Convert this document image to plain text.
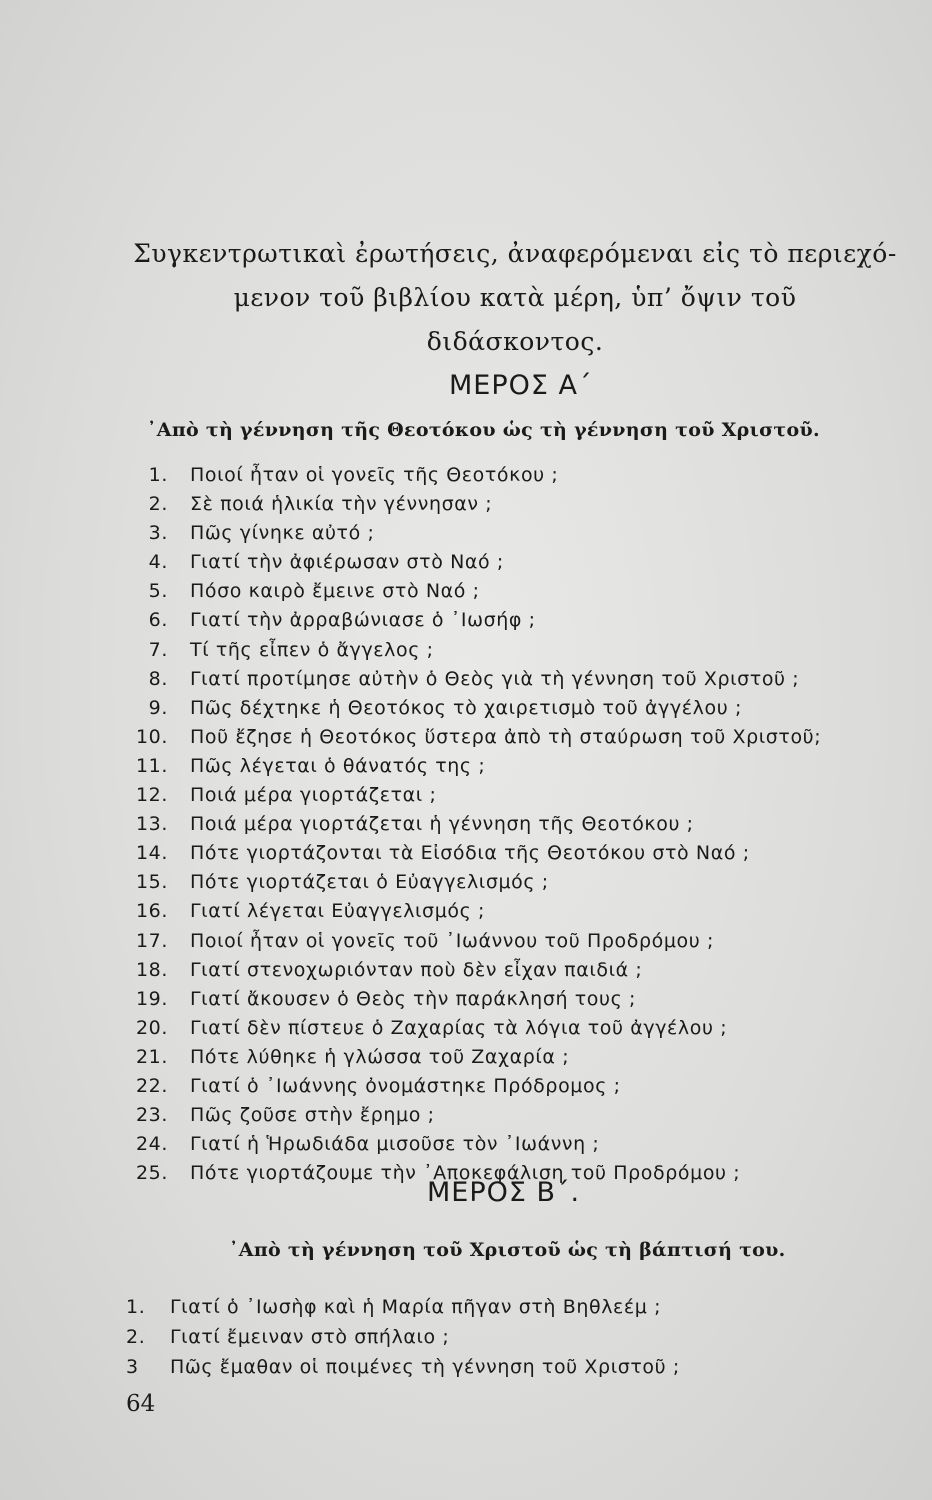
Συγκεντρωτικαὶ ἐρωτήσεις, ἀναφερόμεναι εἰς τὸ περιεχό-
μενον τοῦ βιβλίου κατὰ μέρη, ὑπ’ ὄψιν τοῦ
διδάσκοντος.
ΜΕΡΟΣ Α΄
᾿Απὸ τὴ γέννηση τῆς Θεοτόκου ὡς τὴ γέννηση τοῦ Χριστοῦ.
1. Ποιοί ἦταν οἱ γονεῖς τῆς Θεοτόκου ;
2. Σὲ ποιά ἡλικία τὴν γέννησαν ;
3. Πῶς γίνηκε αὐτό ;
4. Γιατί τὴν ἀφιέρωσαν στὸ Ναό ;
5. Πόσο καιρὸ ἔμεινε στὸ Ναό ;
6. Γιατί τὴν ἀρραβώνιασε ὁ ᾿Ιωσήφ ;
7. Τί τῆς εἶπεν ὁ ἄγγελος ;
8. Γιατί προτίμησε αὐτὴν ὁ Θεὸς γιὰ τὴ γέννηση τοῦ Χριστοῦ ;
9. Πῶς δέχτηκε ἡ Θεοτόκος τὸ χαιρετισμὸ τοῦ ἀγγέλου ;
10. Ποῦ ἔζησε ἡ Θεοτόκος ὕστερα ἀπὸ τὴ σταύρωση τοῦ Χριστοῦ;
11. Πῶς λέγεται ὁ θάνατός της ;
12. Ποιά μέρα γιορτάζεται ;
13. Ποιά μέρα γιορτάζεται ἡ γέννηση τῆς Θεοτόκου ;
14. Πότε γιορτάζονται τὰ Εἰσόδια τῆς Θεοτόκου στὸ Ναό ;
15. Πότε γιορτάζεται ὁ Εὐαγγελισμός ;
16. Γιατί λέγεται Εὐαγγελισμός ;
17. Ποιοί ἦταν οἱ γονεῖς τοῦ ᾿Ιωάννου τοῦ Προδρόμου ;
18. Γιατί στενοχωριόνταν ποὺ δὲν εἶχαν παιδιά ;
19. Γιατί ἄκουσεν ὁ Θεὸς τὴν παράκλησή τους ;
20. Γιατί δὲν πίστευε ὁ Ζαχαρίας τὰ λόγια τοῦ ἀγγέλου ;
21. Πότε λύθηκε ἡ γλώσσα τοῦ Ζαχαρία ;
22. Γιατί ὁ ᾿Ιωάννης ὀνομάστηκε Πρόδρομος ;
23. Πῶς ζοῦσε στὴν ἔρημο ;
24. Γιατί ἡ Ἡρωδιάδα μισοῦσε τὸν ᾿Ιωάννη ;
25. Πότε γιορτάζουμε τὴν ᾿Αποκεφάλιση τοῦ Προδρόμου ;
ΜΕΡΟΣ Β΄.
᾿Απὸ τὴ γέννηση τοῦ Χριστοῦ ὡς τὴ βάπτισή του.
1. Γιατί ὁ ᾿Ιωσὴφ καὶ ἡ Μαρία πῆγαν στὴ Βηθλεέμ ;
2. Γιατί ἔμειναν στὸ σπήλαιο ;
3	Πῶς ἔμαθαν οἱ ποιμένες τὴ γέννηση τοῦ Χριστοῦ ;
64
